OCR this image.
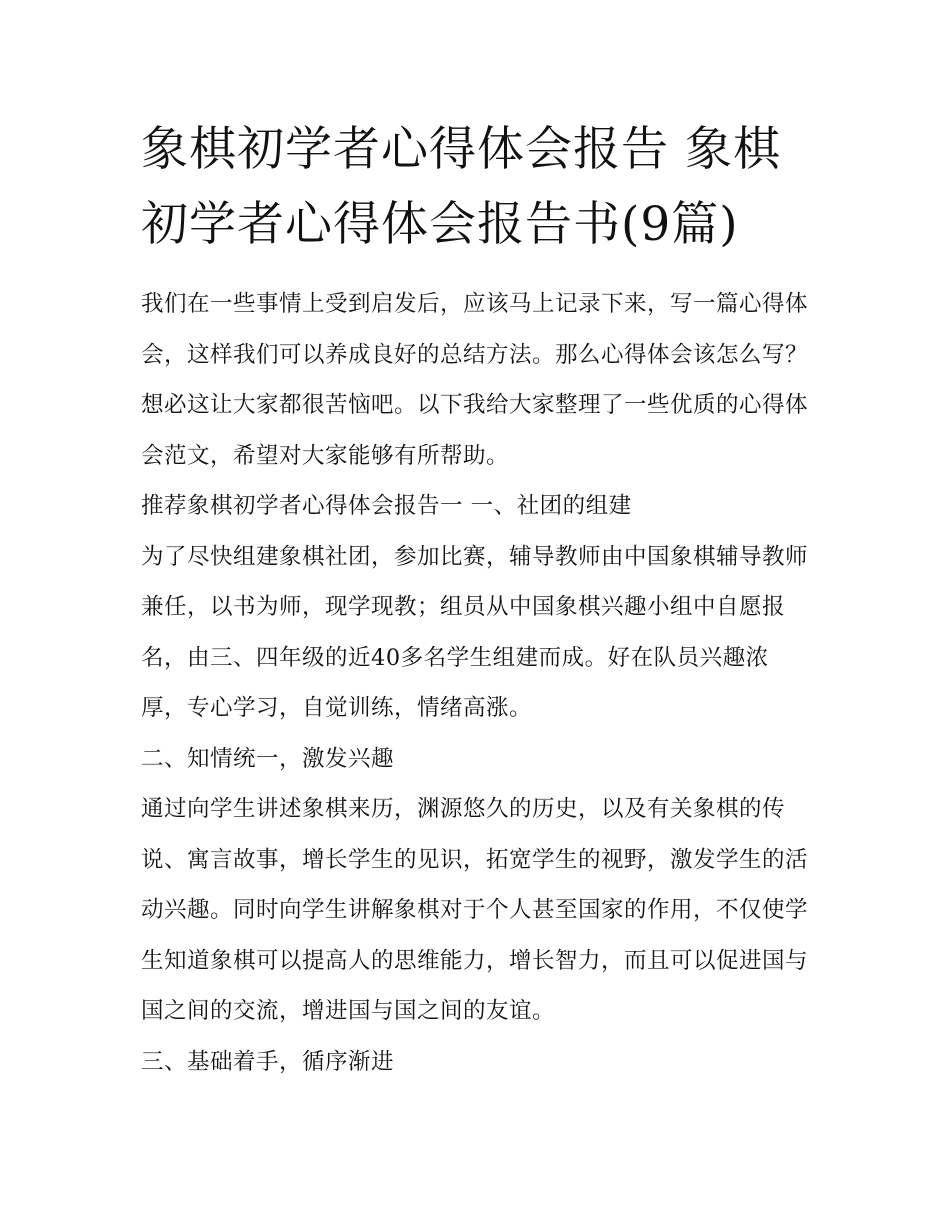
象棋初学者心得体会报告 象棋初学者心得体会报告书(9篇)

我们在一些事情上受到启发后，应该马上记录下来，写一篇心得体会，这样我们可以养成良好的总结方法。那么心得体会该怎么写？想必这让大家都很苦恼吧。以下我给大家整理了一些优质的心得体会范文，希望对大家能够有所帮助。

推荐象棋初学者心得体会报告一 一、社团的组建

为了尽快组建象棋社团，参加比赛，辅导教师由中国象棋辅导教师兼任，以书为师，现学现教；组员从中国象棋兴趣小组中自愿报名，由三、四年级的近40多名学生组建而成。好在队员兴趣浓厚，专心学习，自觉训练，情绪高涨。

二、知情统一，激发兴趣

通过向学生讲述象棋来历，渊源悠久的历史，以及有关象棋的传说、寓言故事，增长学生的见识，拓宽学生的视野，激发学生的活动兴趣。同时向学生讲解象棋对于个人甚至国家的作用，不仅使学生知道象棋可以提高人的思维能力，增长智力，而且可以促进国与国之间的交流，增进国与国之间的友谊。

三、基础着手，循序渐进
